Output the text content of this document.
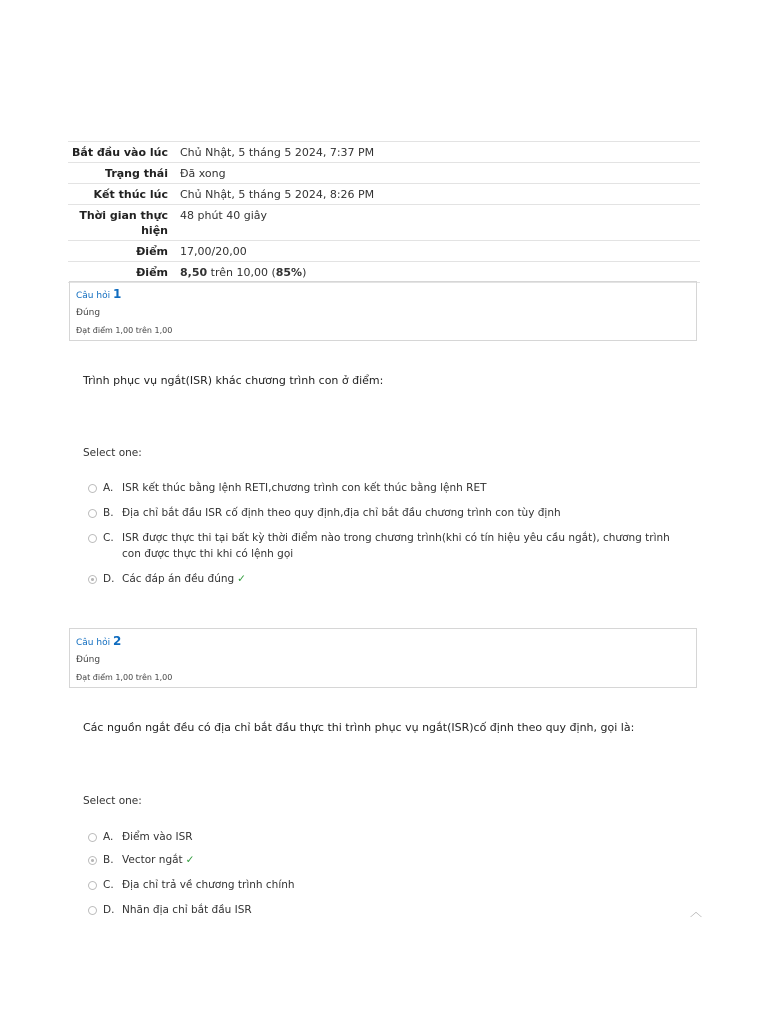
Bắt đầu vào lúc	Chủ Nhật, 5 tháng 5 2024, 7:37 PM
Trạng thái	Đã xong
Kết thúc lúc	Chủ Nhật, 5 tháng 5 2024, 8:26 PM
Thời gian thực hiện	48 phút 40 giây
Điểm	17,00/20,00
Điểm	8,50 trên 10,00 (85%)
Câu hỏi 1
Đúng
Đạt điểm 1,00 trên 1,00
Trình phục vụ ngắt(ISR) khác chương trình con ở điểm:
Select one:
A. ISR kết thúc bằng lệnh RETI,chương trình con kết thúc bằng lệnh RET
B. Địa chỉ bắt đầu ISR cố định theo quy định,địa chỉ bắt đầu chương trình con tùy định
C. ISR được thực thi tại bất kỳ thời điểm nào trong chương trình(khi có tín hiệu yêu cầu ngắt), chương trình con được thực thi khi có lệnh gọi
D. Các đáp án đều đúng ✓
Câu hỏi 2
Đúng
Đạt điểm 1,00 trên 1,00
Các nguồn ngắt đều có địa chỉ bắt đầu thực thi trình phục vụ ngắt(ISR)cố định theo quy định, gọi là:
Select one:
A. Điểm vào ISR
B. Vector ngắt ✓
C. Địa chỉ trả về chương trình chính
D. Nhãn địa chỉ bắt đầu ISR	︿
